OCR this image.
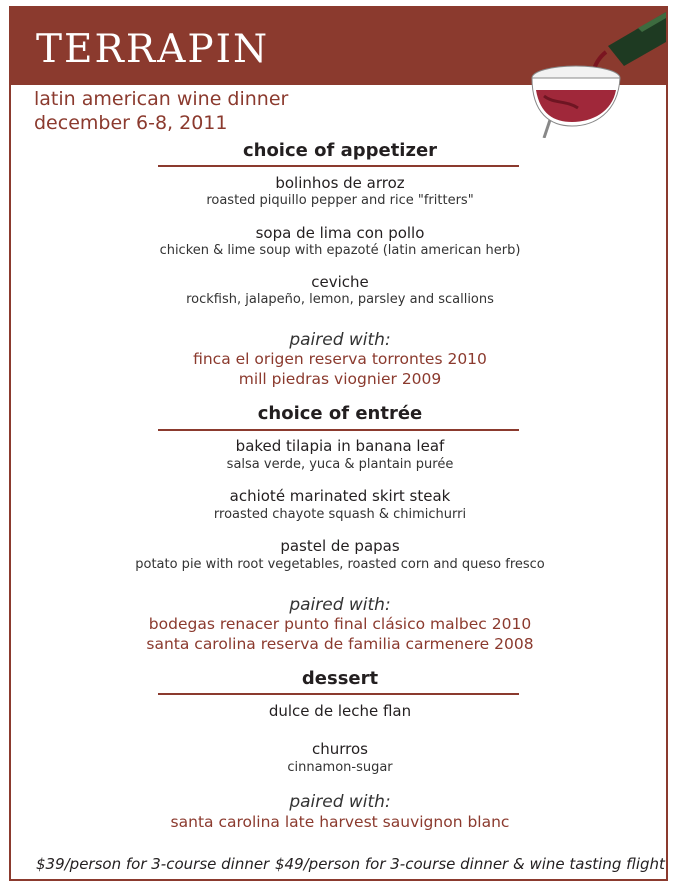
terrapin
latin american wine dinner
december 6-8, 2011
choice of appetizer
bolinhos de arroz
roasted piquillo pepper and rice "fritters"
sopa de lima con pollo
chicken & lime soup with epazoté (latin american herb)
ceviche
rockfish, jalapeño, lemon, parsley and scallions
paired with:
finca el origen reserva torrontes 2010
mill piedras viognier 2009
choice of entrée
baked tilapia in banana leaf
salsa verde, yuca & plantain purée
achioté marinated skirt steak
rroasted chayote squash & chimichurri
pastel de papas
potato pie with root vegetables, roasted corn and queso fresco
paired with:
bodegas renacer punto final clásico malbec 2010
santa carolina reserva de familia carmenere 2008
dessert
dulce de leche flan
churros
cinnamon-sugar
paired with:
santa carolina late harvest sauvignon blanc
$39/person for 3-course dinner $49/person for 3-course dinner & wine tasting flight
